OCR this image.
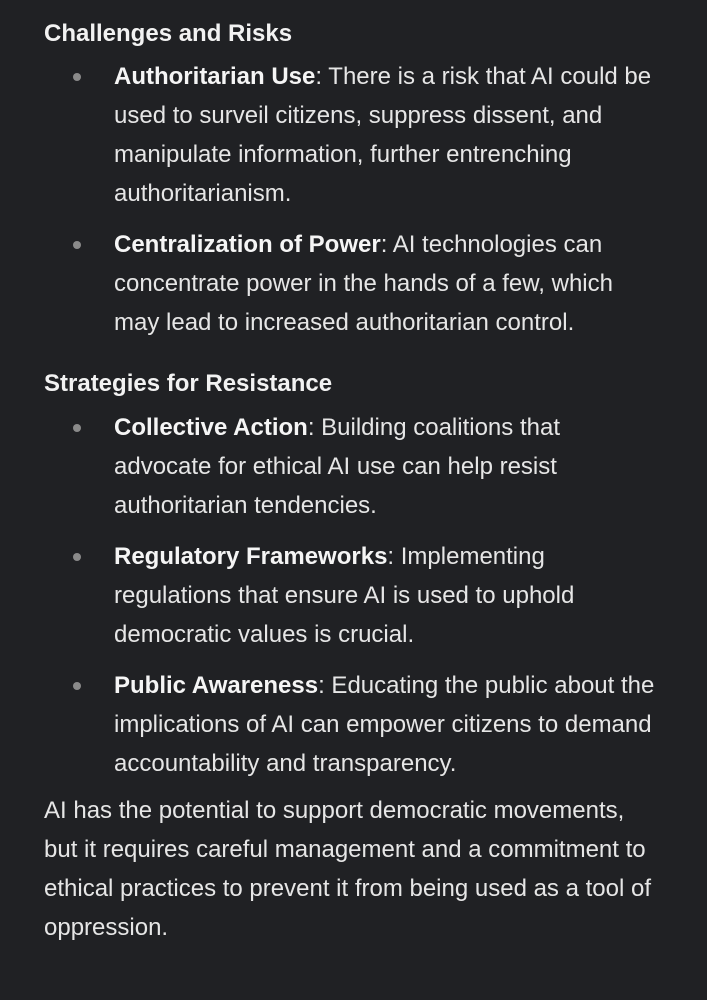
Challenges and Risks
Authoritarian Use: There is a risk that AI could be used to surveil citizens, suppress dissent, and manipulate information, further entrenching authoritarianism.
Centralization of Power: AI technologies can concentrate power in the hands of a few, which may lead to increased authoritarian control.
Strategies for Resistance
Collective Action: Building coalitions that advocate for ethical AI use can help resist authoritarian tendencies.
Regulatory Frameworks: Implementing regulations that ensure AI is used to uphold democratic values is crucial.
Public Awareness: Educating the public about the implications of AI can empower citizens to demand accountability and transparency.

AI has the potential to support democratic movements, but it requires careful management and a commitment to ethical practices to prevent it from being used as a tool of oppression.
